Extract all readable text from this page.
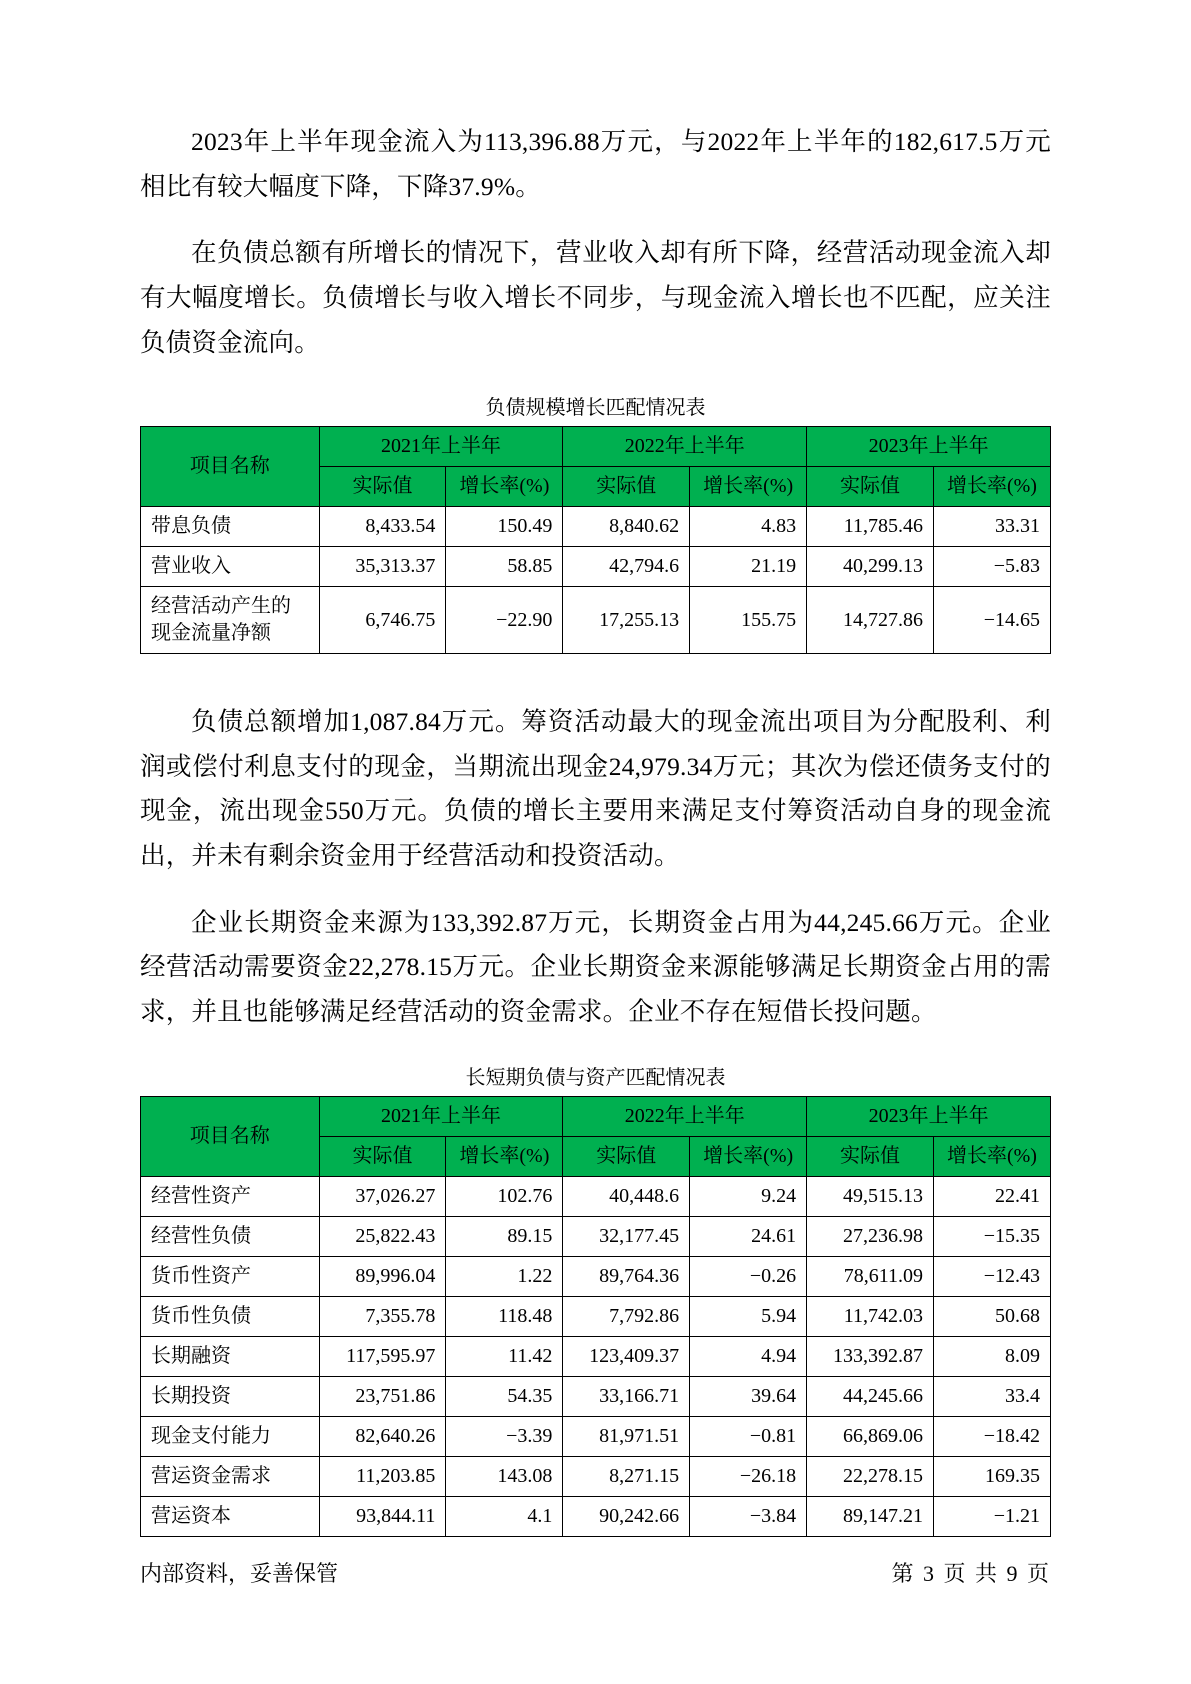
2023年上半年现金流入为113,396.88万元，与2022年上半年的182,617.5万元相比有较大幅度下降，下降37.9%。

在负债总额有所增长的情况下，营业收入却有所下降，经营活动现金流入却有大幅度增长。负债增长与收入增长不同步，与现金流入增长也不匹配，应关注负债资金流向。

负债规模增长匹配情况表
项目名称	2021年上半年		2022年上半年		2023年上半年	
	实际值	增长率(%)	实际值	增长率(%)	实际值	增长率(%)
带息负债	8,433.54	150.49	8,840.62	4.83	11,785.46	33.31
营业收入	35,313.37	58.85	42,794.6	21.19	40,299.13	−5.83
经营活动产生的现金流量净额	6,746.75	−22.90	17,255.13	155.75	14,727.86	−14.65

负债总额增加1,087.84万元。筹资活动最大的现金流出项目为分配股利、利润或偿付利息支付的现金，当期流出现金24,979.34万元；其次为偿还债务支付的现金，流出现金550万元。负债的增长主要用来满足支付筹资活动自身的现金流出，并未有剩余资金用于经营活动和投资活动。

企业长期资金来源为133,392.87万元，长期资金占用为44,245.66万元。企业经营活动需要资金22,278.15万元。企业长期资金来源能够满足长期资金占用的需求，并且也能够满足经营活动的资金需求。企业不存在短借长投问题。

长短期负债与资产匹配情况表
项目名称	2021年上半年		2022年上半年		2023年上半年	
	实际值	增长率(%)	实际值	增长率(%)	实际值	增长率(%)
经营性资产	37,026.27	102.76	40,448.6	9.24	49,515.13	22.41
经营性负债	25,822.43	89.15	32,177.45	24.61	27,236.98	−15.35
货币性资产	89,996.04	1.22	89,764.36	−0.26	78,611.09	−12.43
货币性负债	7,355.78	118.48	7,792.86	5.94	11,742.03	50.68
长期融资	117,595.97	11.42	123,409.37	4.94	133,392.87	8.09
长期投资	23,751.86	54.35	33,166.71	39.64	44,245.66	33.4
现金支付能力	82,640.26	−3.39	81,971.51	−0.81	66,869.06	−18.42
营运资金需求	11,203.85	143.08	8,271.15	−26.18	22,278.15	169.35
营运资本	93,844.11	4.1	90,242.66	−3.84	89,147.21	−1.21
内部资料，妥善保管	第 3 页 共 9 页
